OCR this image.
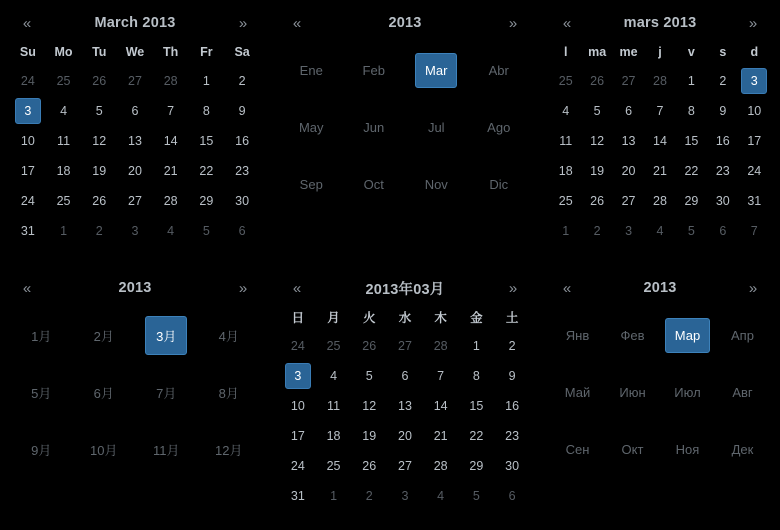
«	March 2013	»
Su	Mo	Tu	We	Th	Fr	Sa
24	25	26	27	28	1	2
3	4	5	6	7	8	9
10	11	12	13	14	15	16
17	18	19	20	21	22	23
24	25	26	27	28	29	30
31	1	2	3	4	5	6
«	2013	»
Ene	Feb	Mar	Abr
May	Jun	Jul	Ago
Sep	Oct	Nov	Dic
«	mars 2013	»
l	ma	me	j	v	s	d
25	26	27	28	1	2	3
4	5	6	7	8	9	10
11	12	13	14	15	16	17
18	19	20	21	22	23	24
25	26	27	28	29	30	31
1	2	3	4	5	6	7
«	2013	»
1月	2月	3月	4月
5月	6月	7月	8月
9月	10月	11月	12月
«	2013年03月	»
日	月	火	水	木	金	土
24	25	26	27	28	1	2
3	4	5	6	7	8	9
10	11	12	13	14	15	16
17	18	19	20	21	22	23
24	25	26	27	28	29	30
31	1	2	3	4	5	6
«	2013	»
Янв	Фев	Мар	Апр
Май	Июн	Июл	Авг
Сен	Окт	Ноя	Дек
